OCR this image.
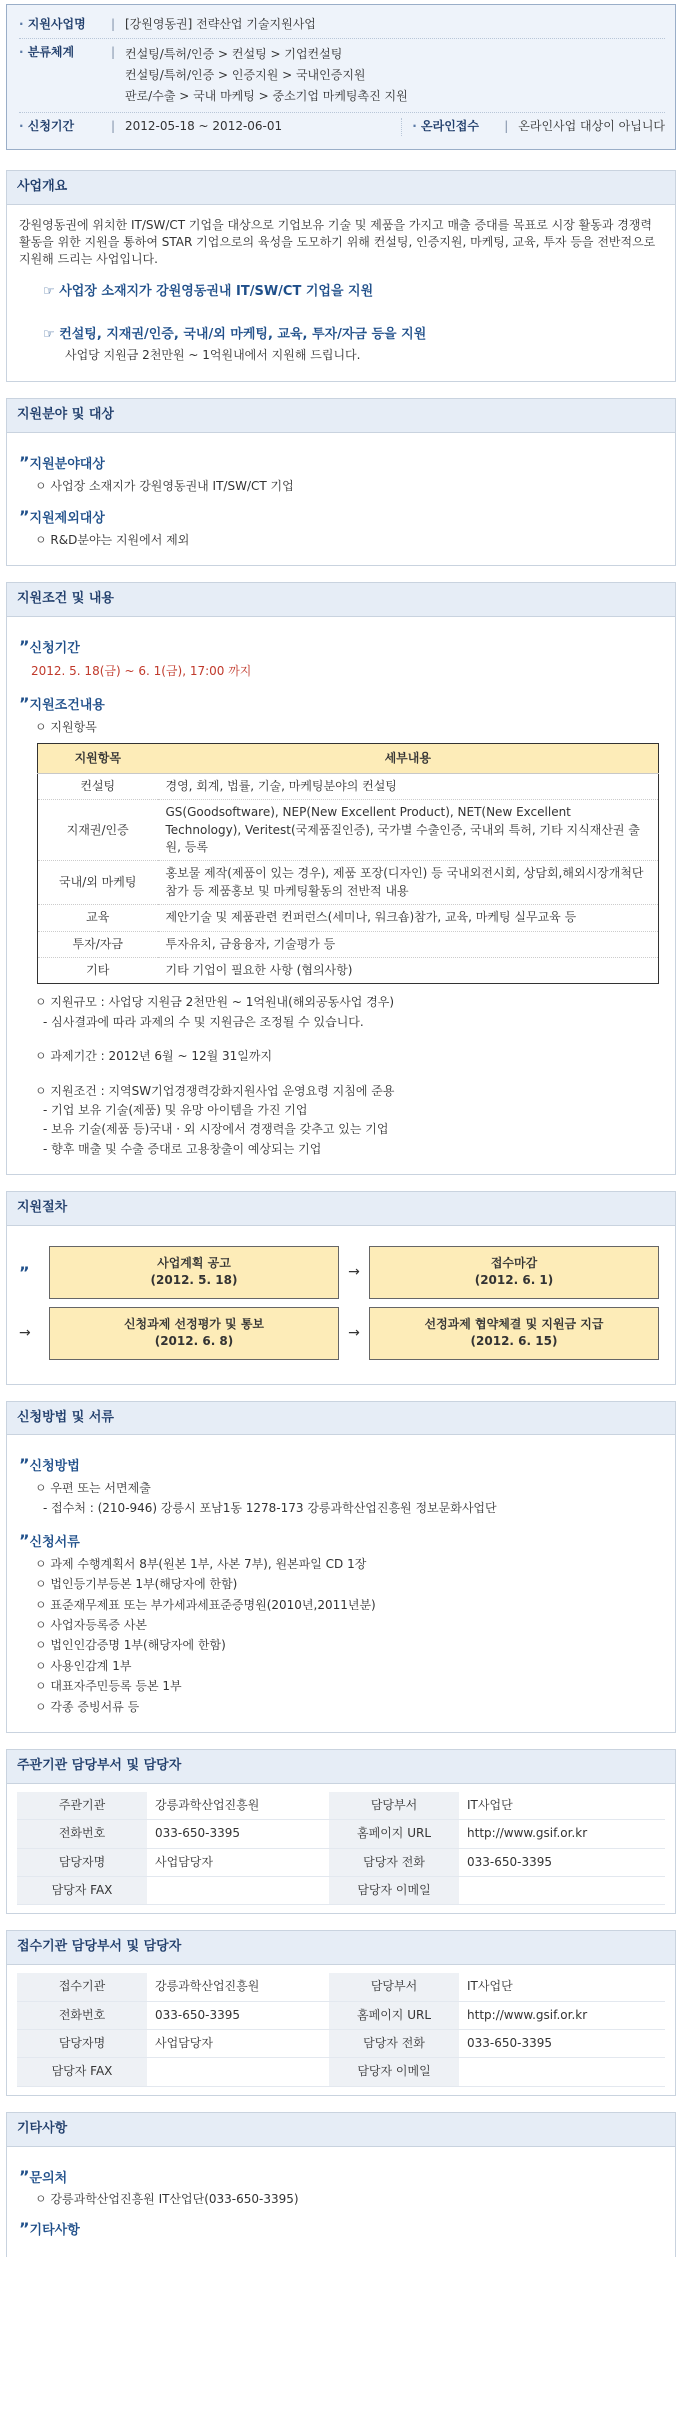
· 지원사업명	| [강원영동권] 전략산업 기술지원사업
· 분류체계	| 컨설팅/특허/인증 > 컨설팅 > 기업컨설팅
컨설팅/특허/인증 > 인증지원 > 국내인증지원
판로/수출 > 국내 마케팅 > 중소기업 마케팅촉진 지원
· 신청기간	| 2012-05-18 ~ 2012-06-01	· 온라인접수	| 온라인사업 대상이 아닙니다
사업개요
강원영동권에 위치한 IT/SW/CT 기업을 대상으로 기업보유 기술 및 제품을 가지고 매출 증대를 목표로 시장 활동과 경쟁력 활동을 위한 지원을 통하여 STAR 기업으로의 육성을 도모하기 위해 컨설팅, 인증지원, 마케팅, 교육, 투자 등을 전반적으로 지원해 드리는 사업입니다.
☞ 사업장 소재지가 강원영동권내 IT/SW/CT 기업을 지원
☞ 컨설팅, 지재권/인증, 국내/외 마케팅, 교육, 투자/자금 등을 지원
사업당 지원금 2천만원 ~ 1억원내에서 지원해 드립니다.
지원분야 및 대상
” 지원분야대상
ㅇ 사업장 소재지가 강원영동권내 IT/SW/CT 기업
” 지원제외대상
ㅇ R&D분야는 지원에서 제외
지원조건 및 내용
” 신청기간
2012. 5. 18(금) ~ 6. 1(금), 17:00 까지
” 지원조건내용
ㅇ 지원항목
지원항목	세부내용
컨설팅	경영, 회계, 법률, 기술, 마케팅분야의 컨설팅
지재권/인증	GS(Goodsoftware), NEP(New Excellent Product), NET(New Excellent Technology), Veritest(국제품질인증), 국가별 수출인증, 국내외 특허, 기타 지식재산권 출원, 등록
국내/외 마케팅	홍보물 제작(제품이 있는 경우), 제품 포장(디자인) 등 국내외전시회, 상담회,해외시장개척단 참가 등 제품홍보 및 마케팅활동의 전반적 내용
교육	제안기술 및 제품관련 컨퍼런스(세미나, 워크숍)참가, 교육, 마케팅 실무교육 등
투자/자금	투자유치, 금융융자, 기술평가 등
기타	기타 기업이 필요한 사항 (협의사항)
ㅇ 지원규모 : 사업당 지원금 2천만원 ~ 1억원내(해외공동사업 경우)
- 심사결과에 따라 과제의 수 및 지원금은 조정될 수 있습니다.
ㅇ 과제기간 : 2012년 6월 ~ 12월 31일까지
ㅇ 지원조건 : 지역SW기업경쟁력강화지원사업 운영요령 지침에 준용
- 기업 보유 기술(제품) 및 유망 아이템을 가진 기업
- 보유 기술(제품 등)국내 · 외 시장에서 경쟁력을 갖추고 있는 기업
- 향후 매출 및 수출 증대로 고용창출이 예상되는 기업
지원절차
”	사업계획 공고
(2012. 5. 18)
→
접수마감
(2012. 6. 1)
→
신청과제 선정평가 및 통보
(2012. 6. 8)
→
선정과제 협약체결 및 지원금 지급
(2012. 6. 15)
신청방법 및 서류
” 신청방법
ㅇ 우편 또는 서면제출
- 접수처 : (210-946) 강릉시 포남1동 1278-173 강릉과학산업진흥원 정보문화사업단
” 신청서류
ㅇ 과제 수행계획서 8부(원본 1부, 사본 7부), 원본파일 CD 1장
ㅇ 법인등기부등본 1부(해당자에 한함)
ㅇ 표준재무제표 또는 부가세과세표준증명원(2010년,2011년분)
ㅇ 사업자등록증 사본
ㅇ 법인인감증명 1부(해당자에 한함)
ㅇ 사용인감계 1부
ㅇ 대표자주민등록 등본 1부
ㅇ 각종 증빙서류 등
주관기관 담당부서 및 담당자
주관기관	강릉과학산업진흥원	담당부서	IT사업단
전화번호	033-650-3395	홈페이지 URL	http://www.gsif.or.kr
담당자명	사업담당자	담당자 전화	033-650-3395
담당자 FAX		담당자 이메일	
접수기관 담당부서 및 담당자
접수기관	강릉과학산업진흥원	담당부서	IT사업단
전화번호	033-650-3395	홈페이지 URL	http://www.gsif.or.kr
담당자명	사업담당자	담당자 전화	033-650-3395
담당자 FAX		담당자 이메일	
기타사항
” 문의처
ㅇ 강릉과학산업진흥원 IT산업단(033-650-3395)
” 기타사항
